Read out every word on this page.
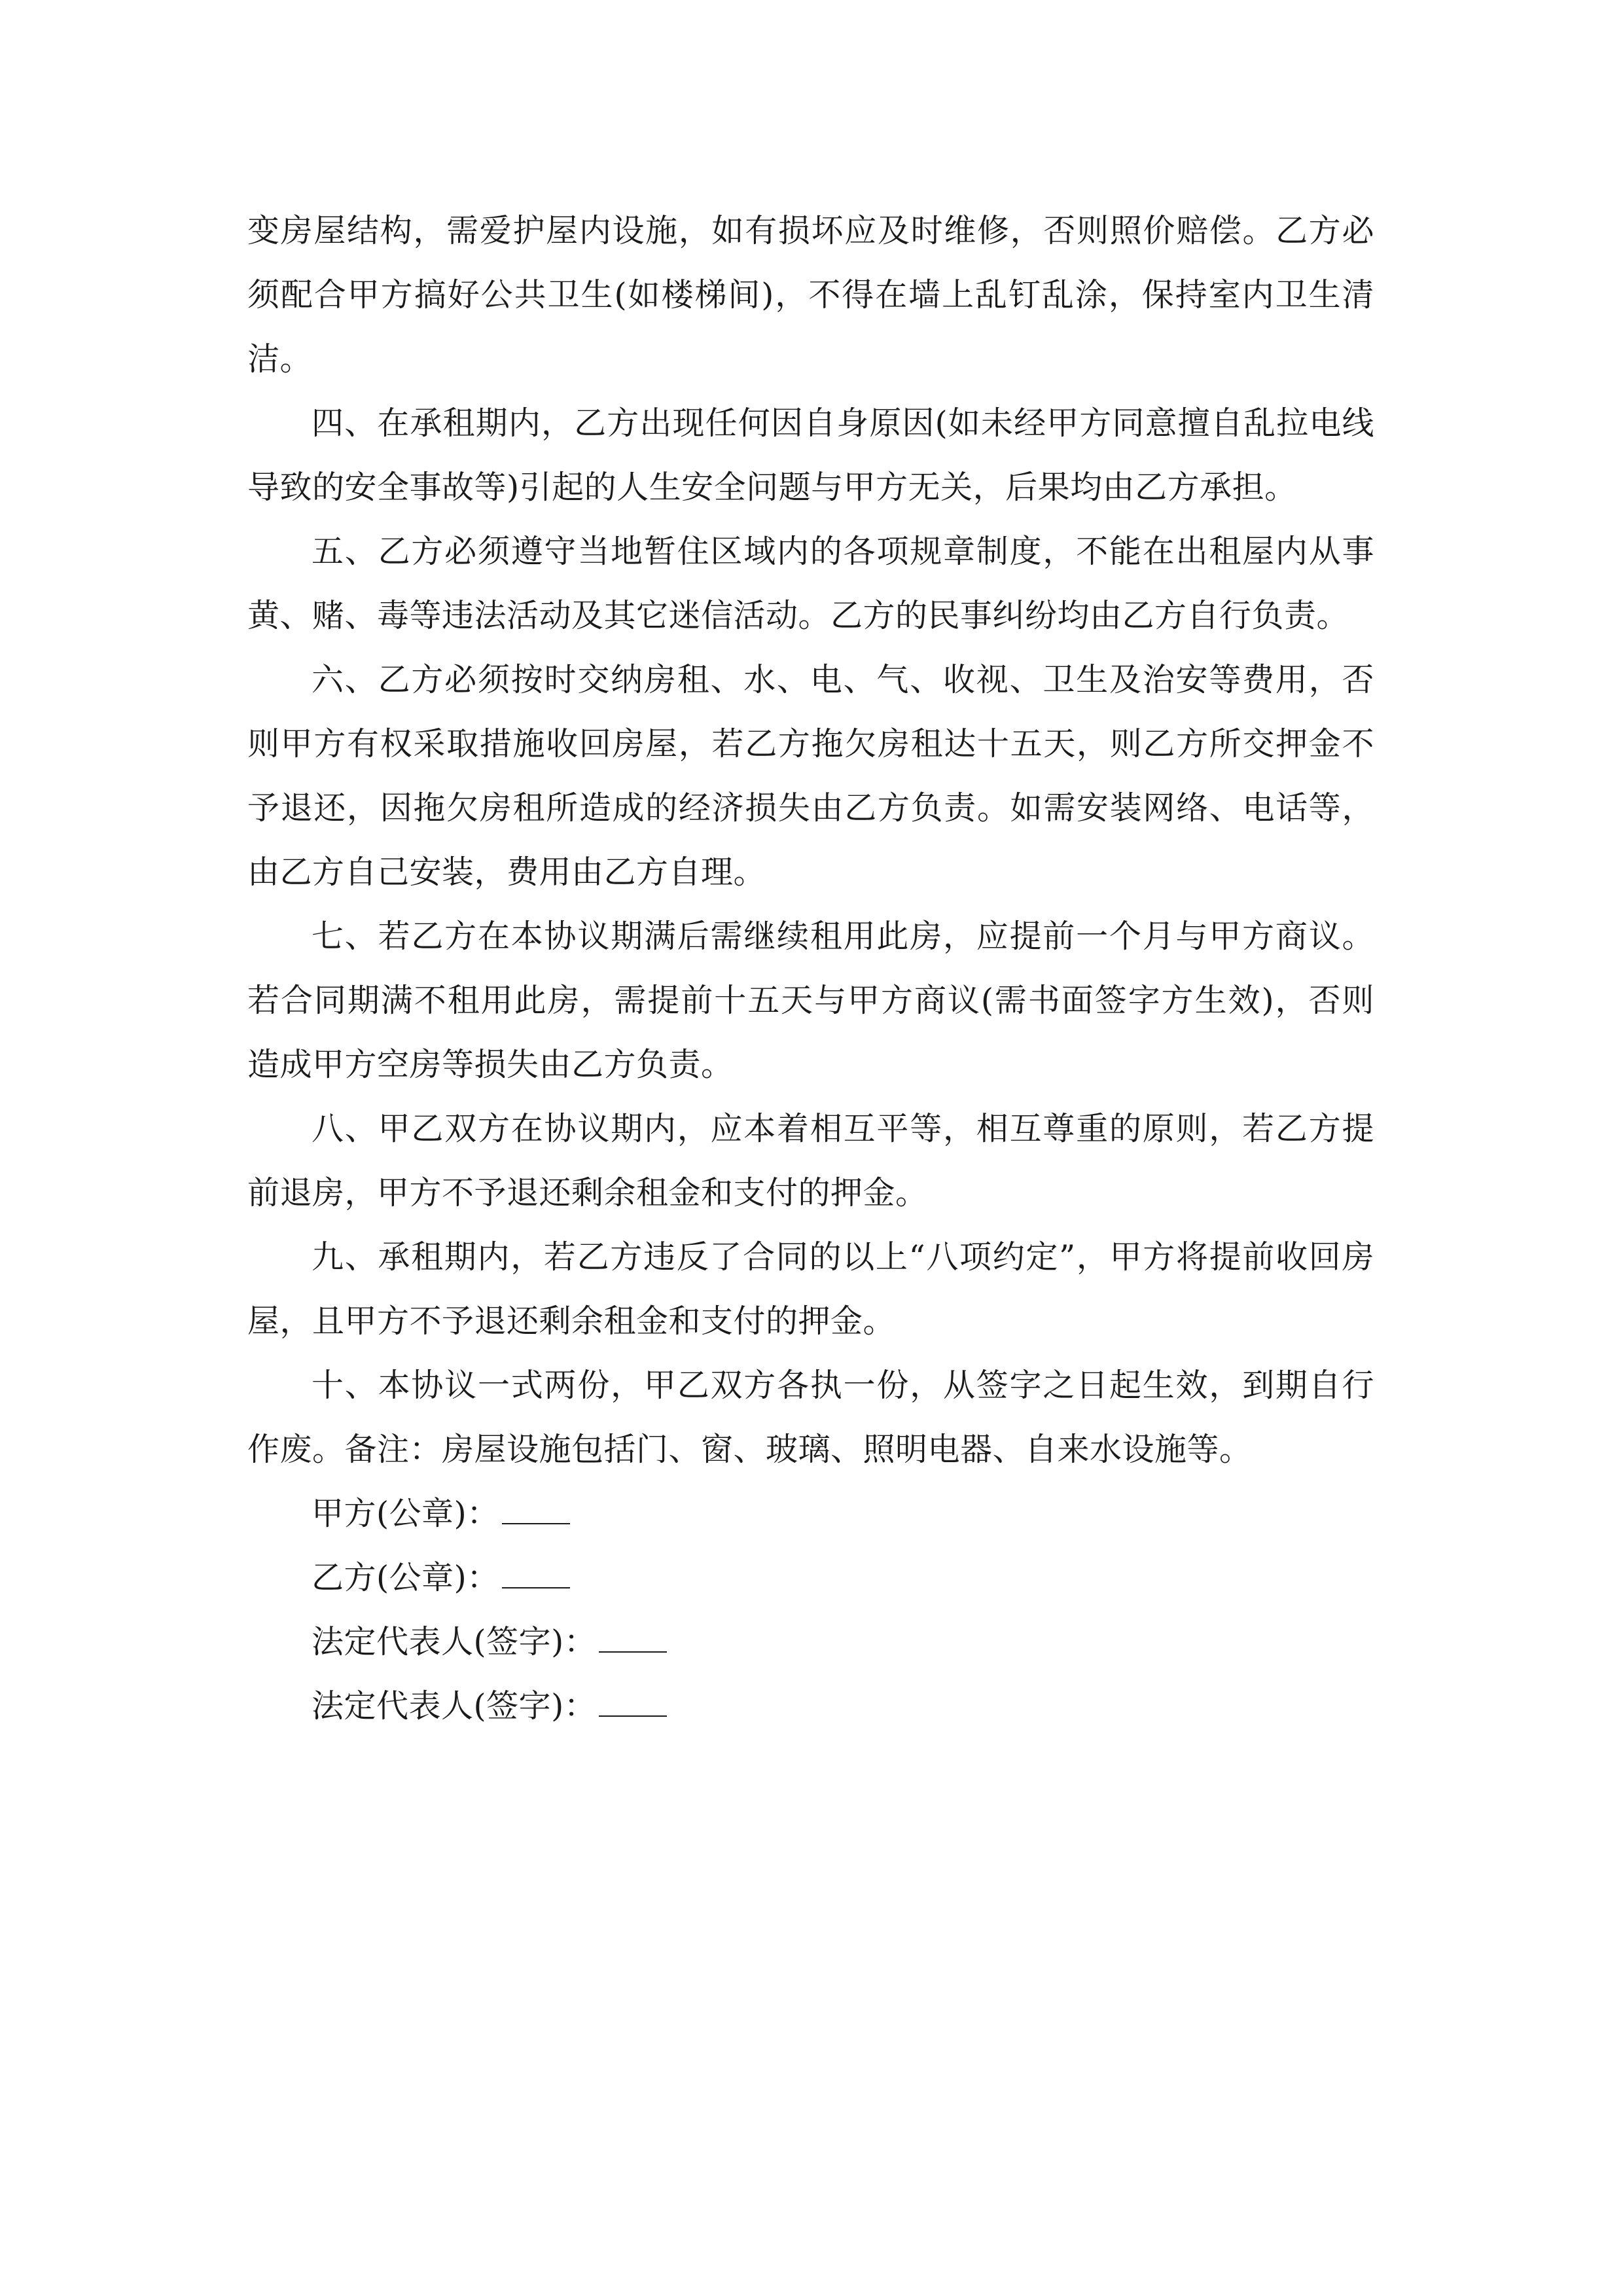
变房屋结构，需爱护屋内设施，如有损坏应及时维修，否则照价赔偿。乙方必须配合甲方搞好公共卫生(如楼梯间)，不得在墙上乱钉乱涂，保持室内卫生清洁。

四、在承租期内，乙方出现任何因自身原因(如未经甲方同意擅自乱拉电线导致的安全事故等)引起的人生安全问题与甲方无关，后果均由乙方承担。

五、乙方必须遵守当地暂住区域内的各项规章制度，不能在出租屋内从事黄、赌、毒等违法活动及其它迷信活动。乙方的民事纠纷均由乙方自行负责。

六、乙方必须按时交纳房租、水、电、气、收视、卫生及治安等费用，否则甲方有权采取措施收回房屋，若乙方拖欠房租达十五天，则乙方所交押金不予退还，因拖欠房租所造成的经济损失由乙方负责。如需安装网络、电话等，由乙方自己安装，费用由乙方自理。

七、若乙方在本协议期满后需继续租用此房，应提前一个月与甲方商议。若合同期满不租用此房，需提前十五天与甲方商议(需书面签字方生效)，否则造成甲方空房等损失由乙方负责。

八、甲乙双方在协议期内，应本着相互平等，相互尊重的原则，若乙方提前退房，甲方不予退还剩余租金和支付的押金。

九、承租期内，若乙方违反了合同的以上“八项约定”，甲方将提前收回房屋，且甲方不予退还剩余租金和支付的押金。

十、本协议一式两份，甲乙双方各执一份，从签字之日起生效，到期自行作废。备注：房屋设施包括门、窗、玻璃、照明电器、自来水设施等。

甲方(公章)：
乙方(公章)：
法定代表人(签字)：
法定代表人(签字)：
